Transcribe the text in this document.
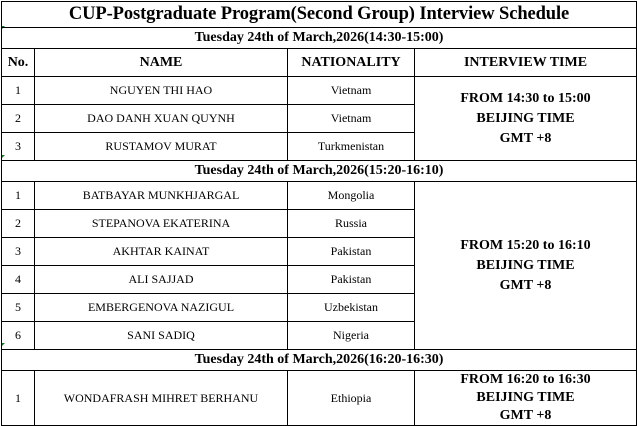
CUP-Postgraduate Program(Second Group) Interview Schedule			
Tuesday 24th of March,2026(14:30-15:00)			
No.	NAME	NATIONALITY	INTERVIEW TIME
1	NGUYEN THI HAO	Vietnam	FROM 14:30 to 15:00
BEIJING TIME
GMT +8

2	DAO DANH XUAN QUYNH	Vietnam	
3	RUSTAMOV MURAT	Turkmenistan	
Tuesday 24th of March,2026(15:20-16:10)			
1	BATBAYAR MUNKHJARGAL	Mongolia	FROM 15:20 to 16:10
BEIJING TIME
GMT +8

2	STEPANOVA EKATERINA	Russia	
3	AKHTAR KAINAT	Pakistan	
4	ALI SAJJAD	Pakistan	
5	EMBERGENOVA NAZIGUL	Uzbekistan	
6	SANI SADIQ	Nigeria	
Tuesday 24th of March,2026(16:20-16:30)			
1	WONDAFRASH MIHRET BERHANU	Ethiopia	FROM 16:20 to 16:30
BEIJING TIME
GMT +8
